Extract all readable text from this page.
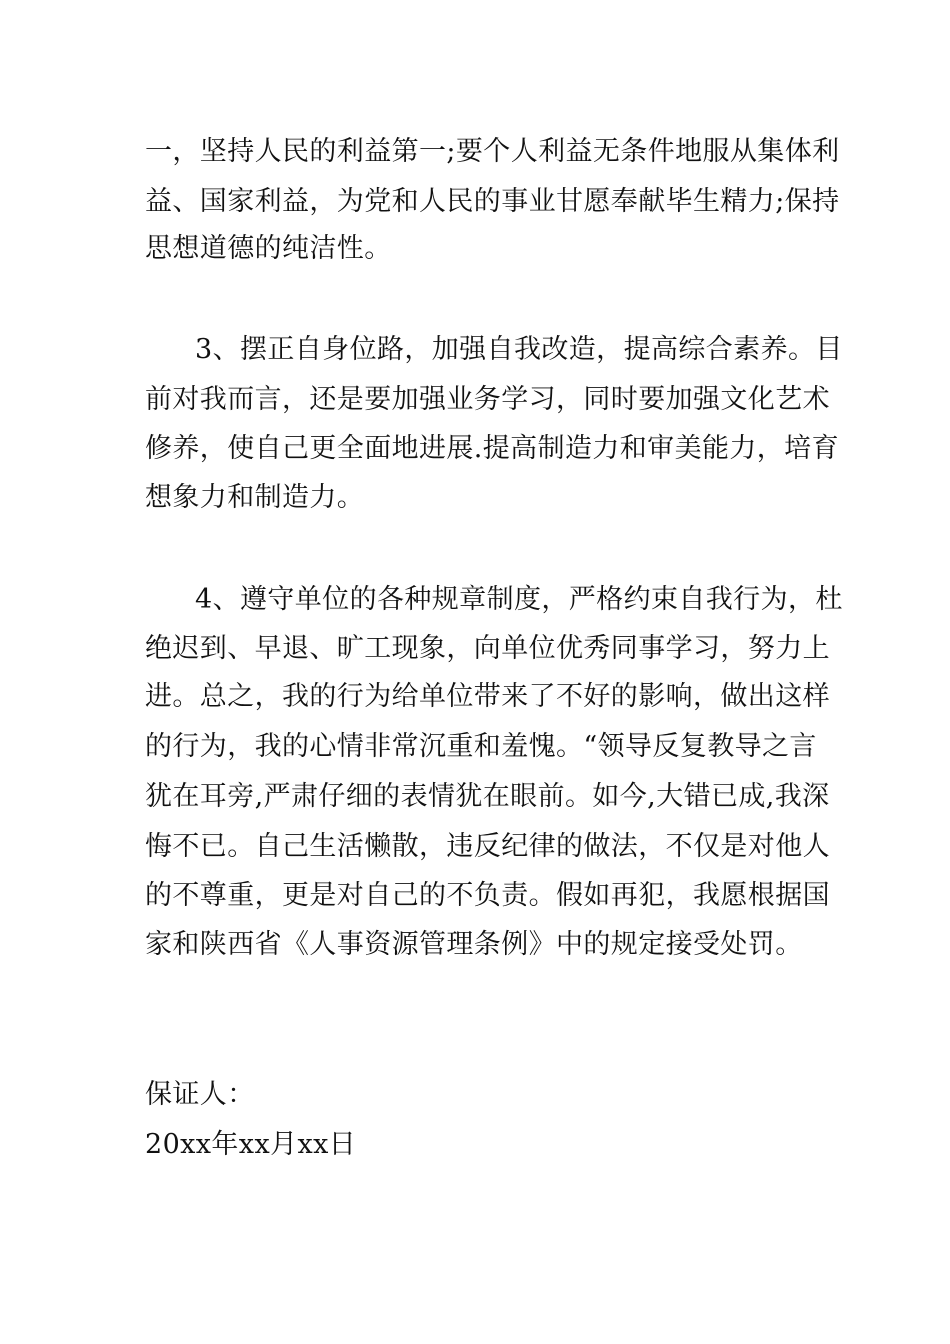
一，坚持人民的利益第一;要个人利益无条件地服从集体利
益、国家利益，为党和人民的事业甘愿奉献毕生精力;保持
思想道德的纯洁性。
3、摆正自身位路，加强自我改造，提高综合素养。目
前对我而言，还是要加强业务学习，同时要加强文化艺术
修养，使自己更全面地进展.提高制造力和审美能力，培育
想象力和制造力。
4、遵守单位的各种规章制度，严格约束自我行为，杜
绝迟到、早退、旷工现象，向单位优秀同事学习，努力上
进。总之，我的行为给单位带来了不好的影响，做出这样
的行为，我的心情非常沉重和羞愧。“领导反复教导之言
犹在耳旁,严肃仔细的表情犹在眼前。如今,大错已成,我深
悔不已。自己生活懒散，违反纪律的做法，不仅是对他人
的不尊重，更是对自己的不负责。假如再犯，我愿根据国
家和陕西省《人事资源管理条例》中的规定接受处罚。
保证人：
20xx年xx月xx日
